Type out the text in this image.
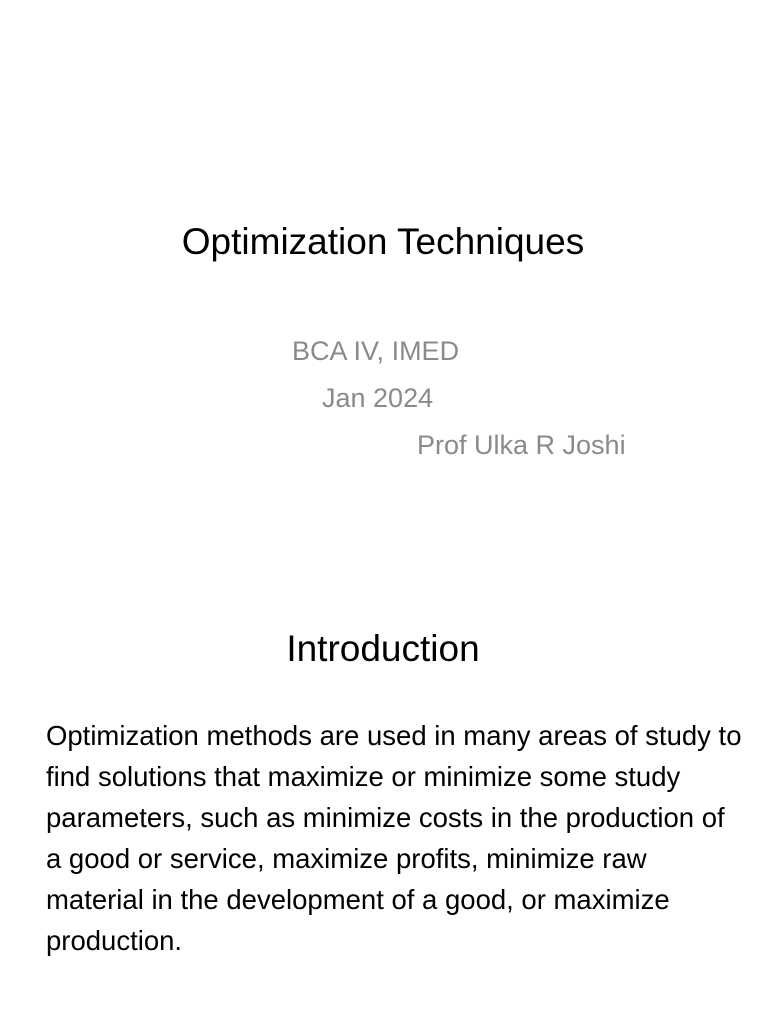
Optimization Techniques
BCA IV, IMED
Jan 2024
Prof Ulka R Joshi
Introduction

Optimization methods are used in many areas of study to find solutions that maximize or minimize some study parameters, such as minimize costs in the production of a good or service, maximize profits, minimize raw material in the development of a good, or maximize production.
